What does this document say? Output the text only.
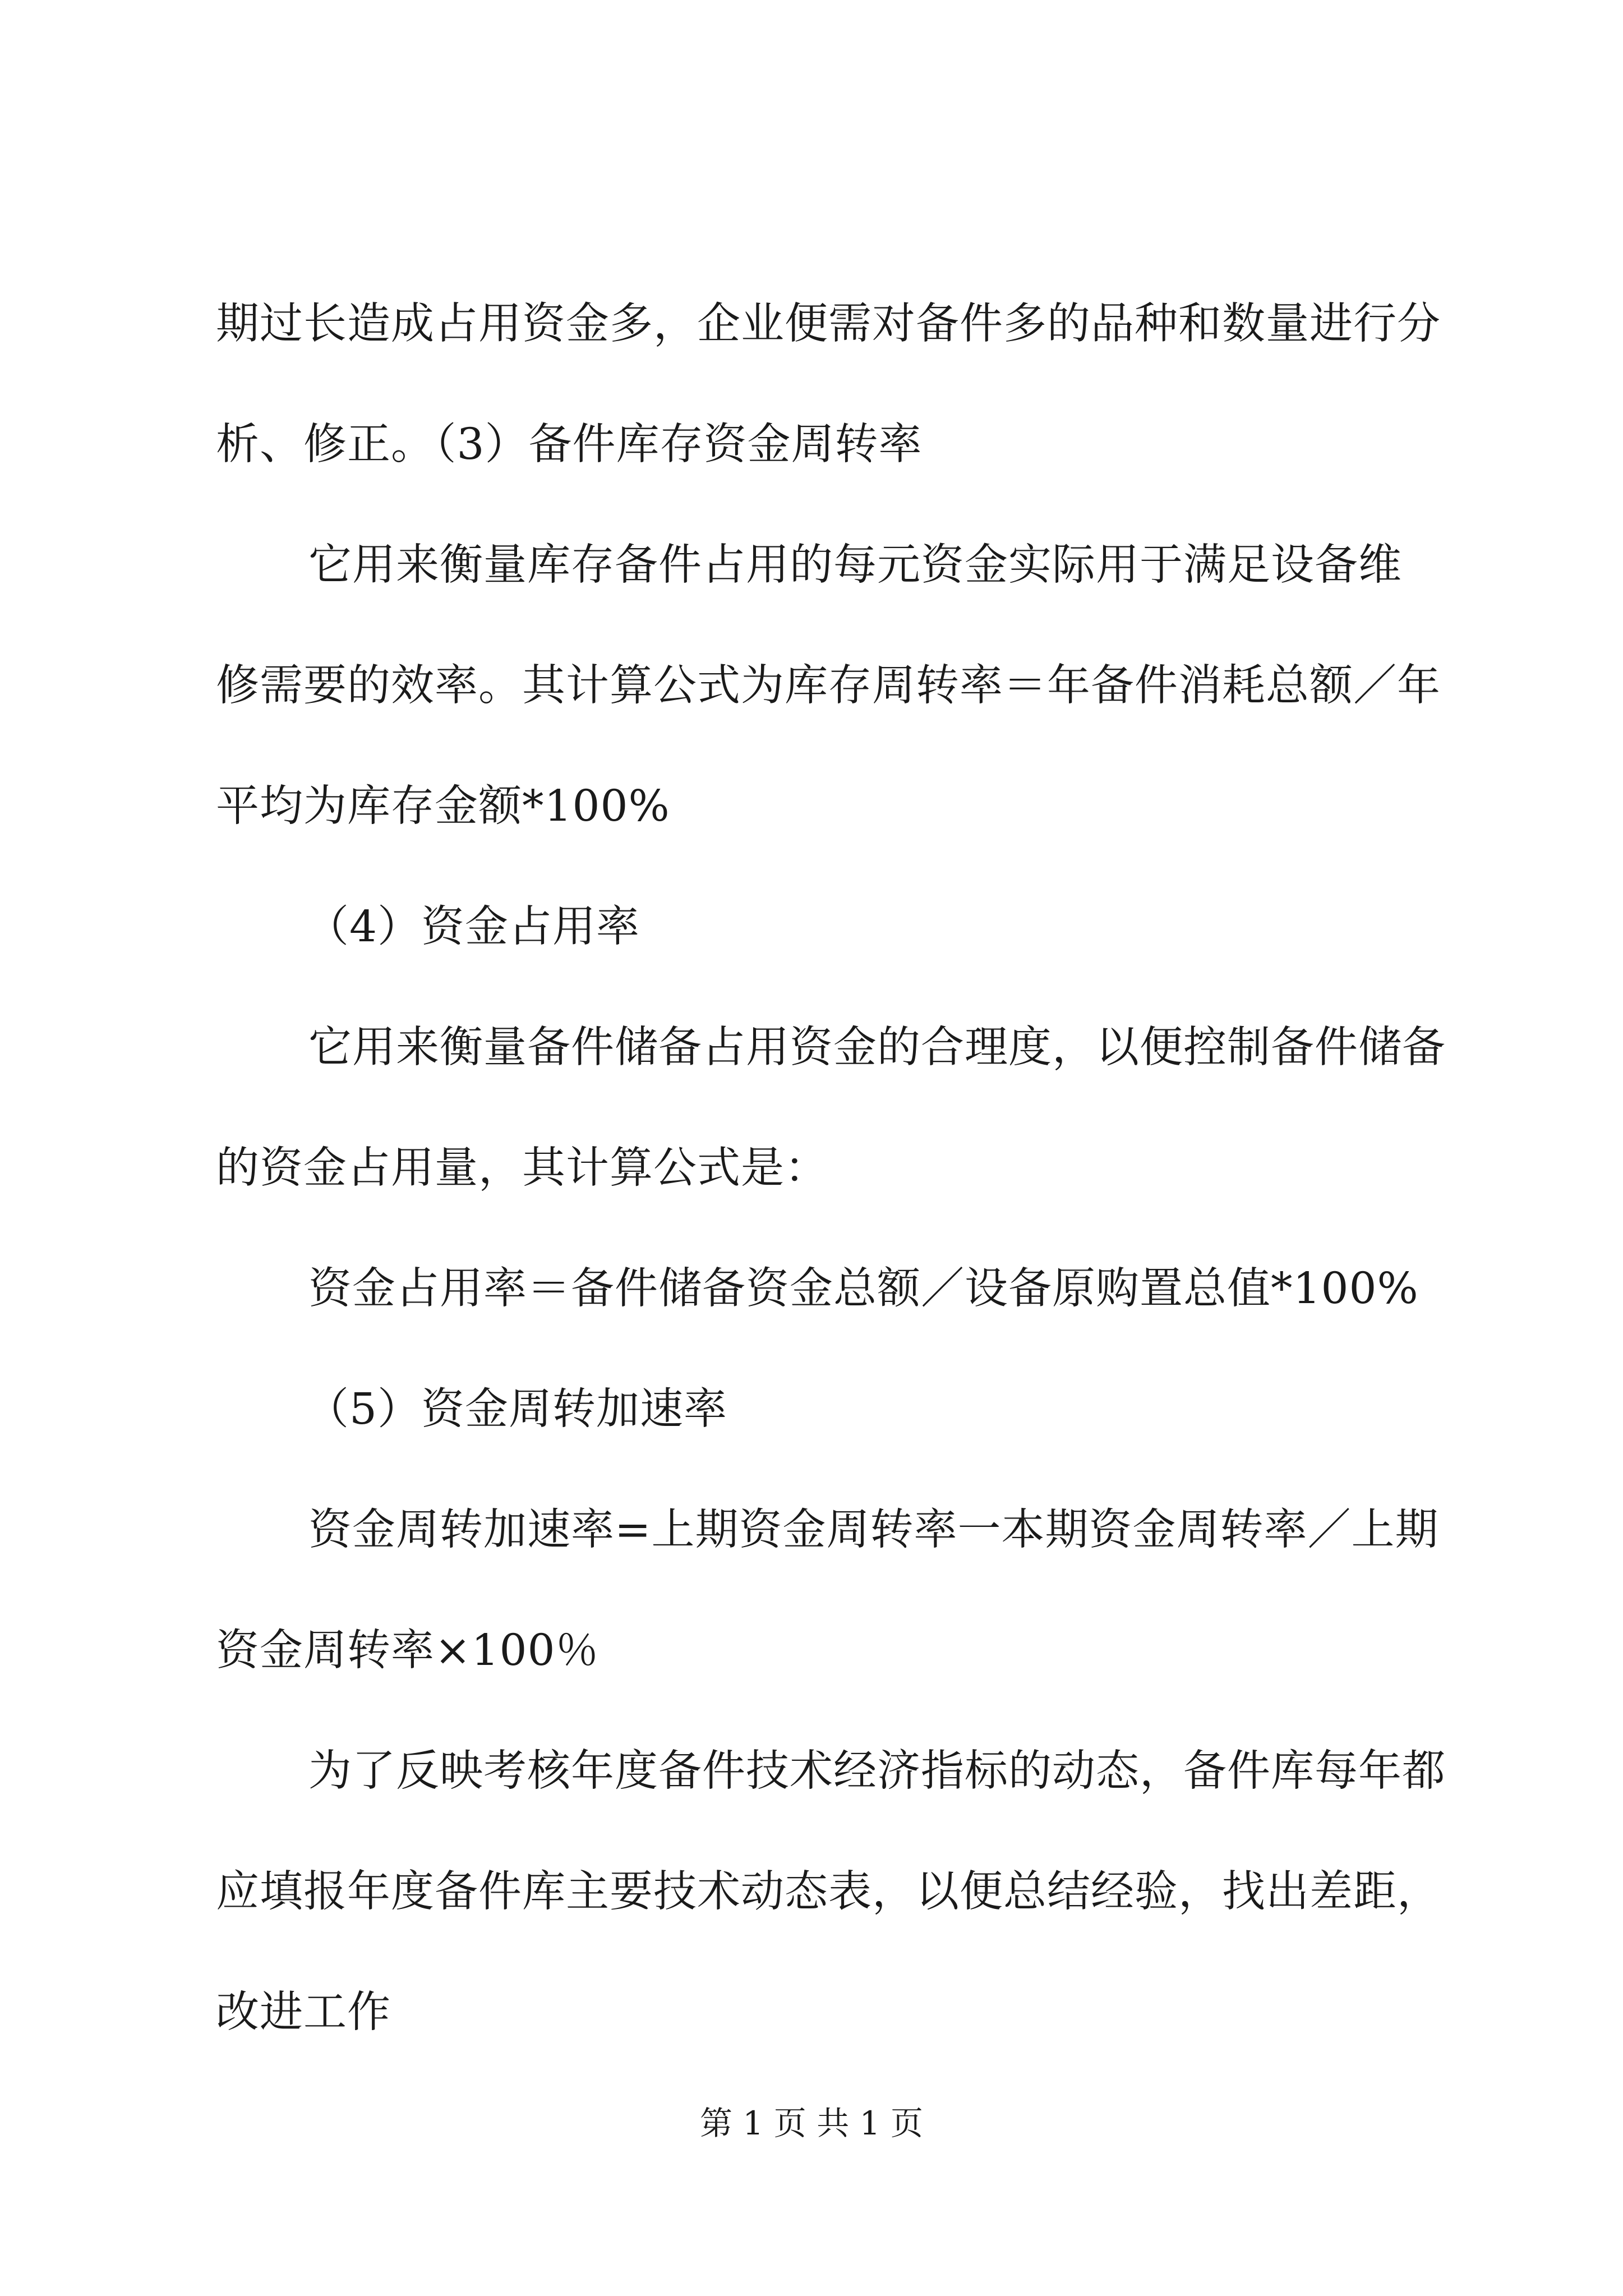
期过长造成占用资金多，企业便需对备件多的品种和数量进行分
析、修正。（3）备件库存资金周转率
它用来衡量库存备件占用的每元资金实际用于满足设备维
修需要的效率。其计算公式为库存周转率＝年备件消耗总额／年
平均为库存金额*100%
（4）资金占用率
它用来衡量备件储备占用资金的合理度，以便控制备件储备
的资金占用量，其计算公式是：
资金占用率＝备件储备资金总额／设备原购置总值*100%
（5）资金周转加速率
资金周转加速率=上期资金周转率一本期资金周转率／上期
资金周转率×100％
为了反映考核年度备件技术经济指标的动态，备件库每年都
应填报年度备件库主要技术动态表，以便总结经验，找出差距，
改进工作
第 1 页 共 1 页
